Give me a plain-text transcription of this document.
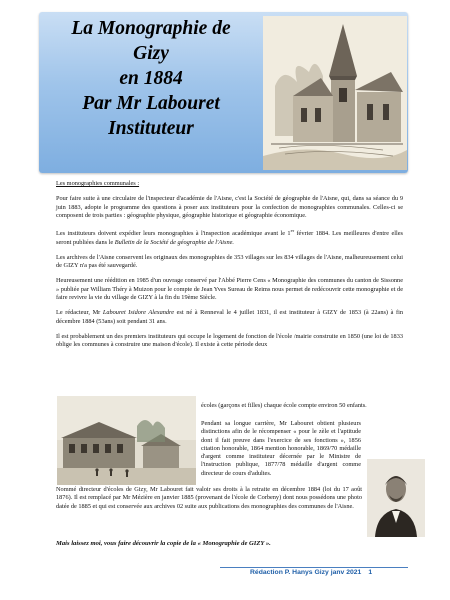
La Monographie de
Gizy
en 1884
Par Mr Labouret
Instituteur
Les monographies communales :

Pour faire suite à une circulaire de l'inspecteur d'académie de l'Aisne, c'est la Société de géographie de l'Aisne, qui, dans sa séance du 9 juin 1883, adopte le programme des questions à poser aux instituteurs pour la confection de monographies communales. Celles-ci se composent de trois parties : géographie physique, géographie historique et géographie économique.

Les instituteurs doivent expédier leurs monographies à l'inspection académique avant le 1er février 1884. Les meilleures d'entre elles seront publiées dans le Bulletin de la Société de géographie de l'Aisne.

Les archives de l'Aisne conservent les originaux des monographies de 353 villages sur les 834 villages de l'Aisne, malheureusement celui de GIZY n'a pas été sauvegardé.

Heureusement une réédition en 1985 d'un ouvrage conservé par l'Abbé Pierre Cens « Monographie des communes du canton de Sissonne » publiée par William Théry à Muizon pour le compte de Jean Yves Sureau de Reims nous permet de redécouvrir cette monographie et de faire revivre la vie du village de GIZY à la fin du 19ème Siècle.

Le rédacteur, Mr Labouret Isidore Alexandre est né à Renneval le 4 juillet 1831, il est instituteur à GIZY de 1853 (à 22ans) à fin décembre 1884 (53ans) soit pendant 31 ans.

Il est probablement un des premiers instituteurs qui occupe le logement de fonction de l'école /mairie construite en 1850 (une loi de 1833 oblige les communes à construire une maison d'école). Il existe à cette période deux

écoles (garçons et filles) chaque école compte environ 50 enfants.
Pendant sa longue carrière, Mr Labouret obtient plusieurs distinctions afin de le récompenser « pour le zèle et l'aptitude dont il fait preuve dans l'exercice de ses fonctions », 1856 citation honorable, 1864 mention honorable, 1869/70 médaille d'argent comme instituteur décernée par le Ministre de l'instruction publique, 1877/78 médaille d'argent comme directeur de cours d'adultes.
Nommé directeur d'écoles de Gizy, Mr Labouret fait valoir ses droits à la retraite en décembre 1884 (loi du 17 août 1876). Il est remplacé par Mr Mézière en janvier 1885 (provenant de l'école de Corbeny) dont nous possédons une photo datée de 1885 et qui est conservée aux archives 02 suite aux publications des monographies des communes de l'Aisne.
Mais laissez moi, vous faire découvrir la copie de la « Monographie de GIZY ».
Rédaction P. Hanys Gizy janv 2021 1
